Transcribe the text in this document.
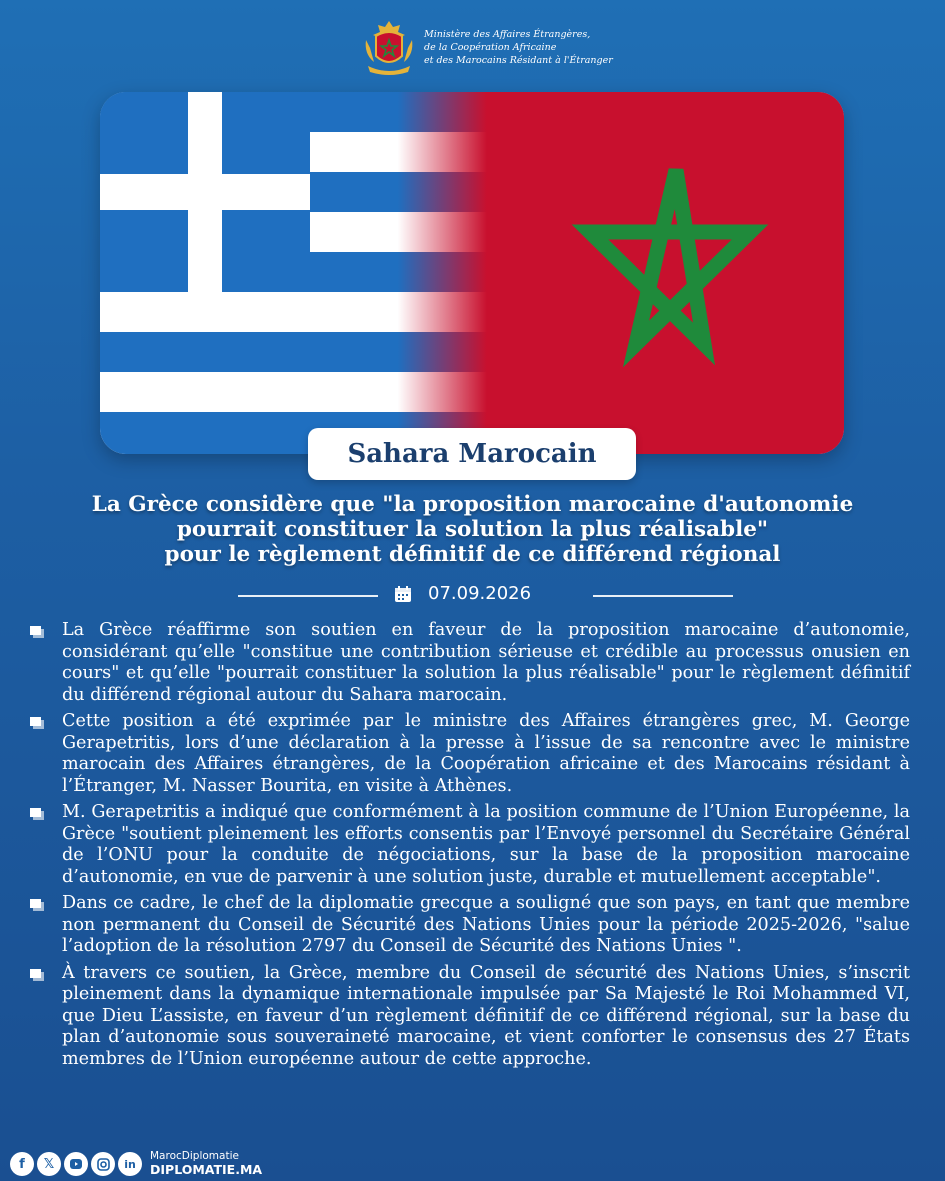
Ministère des Affaires Étrangères,
de la Coopération Africaine
et des Marocains Résidant à l'Étranger
Sahara Marocain
La Grèce considère que "la proposition marocaine d'autonomie
pourrait constituer la solution la plus réalisable"
pour le règlement définitif de ce différend régional
07.09.2026

La Grèce réaffirme son soutien en faveur de la proposition marocaine d’autonomie, considérant qu’elle "constitue une contribution sérieuse et crédible au processus onusien en cours" et qu’elle "pourrait constituer la solution la plus réalisable" pour le règlement définitif du différend régional autour du Sahara marocain.

Cette position a été exprimée par le ministre des Affaires étrangères grec, M. George Gerapetritis, lors d’une déclaration à la presse à l’issue de sa rencontre avec le ministre marocain des Affaires étrangères, de la Coopération africaine et des Marocains résidant à l’Étranger, M. Nasser Bourita, en visite à Athènes.

M. Gerapetritis a indiqué que conformément à la position commune de l’Union Européenne, la Grèce "soutient pleinement les efforts consentis par l’Envoyé personnel du Secrétaire Général de l’ONU pour la conduite de négociations, sur la base de la proposition marocaine d’autonomie, en vue de parvenir à une solution juste, durable et mutuellement acceptable".

Dans ce cadre, le chef de la diplomatie grecque a souligné que son pays, en tant que membre non permanent du Conseil de Sécurité des Nations Unies pour la période 2025-2026, "salue l’adoption de la résolution 2797 du Conseil de Sécurité des Nations Unies ".

À travers ce soutien, la Grèce, membre du Conseil de sécurité des Nations Unies, s’inscrit pleinement dans la dynamique internationale impulsée par Sa Majesté le Roi Mohammed VI, que Dieu L’assiste, en faveur d’un règlement définitif de ce différend régional, sur la base du plan d’autonomie sous souveraineté marocaine, et vient conforter le consensus des 27 États membres de l’Union européenne autour de cette approche.

f	𝕏	in
MarocDiplomatie
DIPLOMATIE.MA
